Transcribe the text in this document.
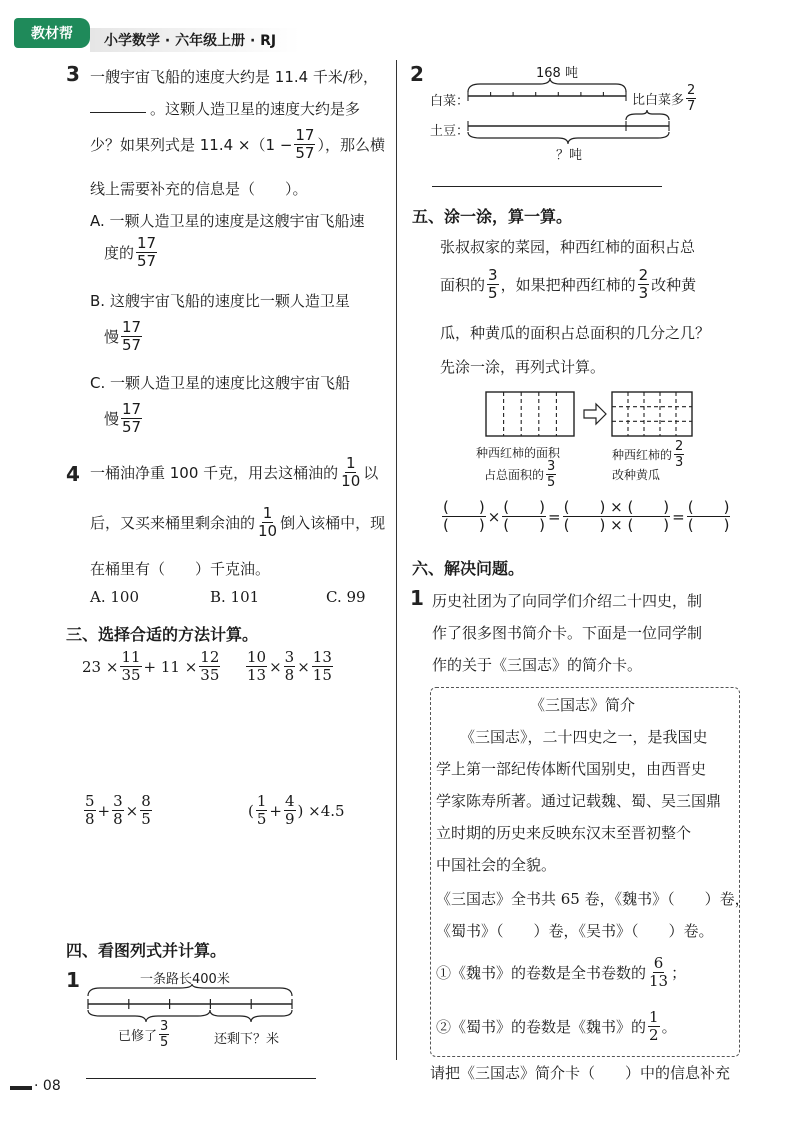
教材帮 小学数学 · 六年级上册 · RJ
3 一艘宇宙飞船的速度大约是 11.4 千米/秒，
。这颗人造卫星的速度大约是多
少？如果列式是 $11.4 \times(1 - \frac{17}{57}$ ），那么横
线上需要补充的信息是（　　）。
A. 一颗人造卫星的速度是这艘宇宙飞船速
度的 $\frac{17}{57}$
B. 这艘宇宙飞船的速度比一颗人造卫星
慢 $\frac{17}{57}$
C. 一颗人造卫星的速度比这艘宇宙飞船
慢 $\frac{17}{57}$
4 一桶油净重 100 千克，用去这桶油的 $\frac{1}{10}$ 以
后，又买来桶里剩余油的 $\frac{1}{10}$ 倒入该桶中，现
在桶里有（　　）千克油。
A. 100	B. 101	C. 99
三、选择合适的方法计算。
$23 \times \frac{11}{35} + 11 \times \frac{12}{35} \frac{10}{13} \times \frac{3}{8} \times \frac{13}{15}$
$\frac{5}{8} + \frac{3}{8} \times \frac{8}{5}$	( $\frac{1}{5} + \frac{4}{9}$ ) ×4.5
四、看图列式并计算。
1	一条路长400米
已修了 $\frac{3}{5}$	还剩下？米
· 08
2	168 吨
白菜：
土豆：
比白菜多 $\frac{2}{7}$
？吨
五、涂一涂，算一算。
张叔叔家的菜园，种西红柿的面积占总
面积的 $\frac{3}{5}$ ，如果把种西红柿的 $\frac{2}{3}$ 改种黄
瓜，种黄瓜的面积占总面积的几分之几？
先涂一涂，再列式计算。
种西红柿的面积
占总面积的 $\frac{3}{5}$
种西红柿的 $\frac{2}{3}$
改种黄瓜
$\frac{( )}{( )} \times \frac{( )}{( )} = \frac{( ) \times ( )}{( ) \times ( )} = \frac{( )}{( )}$
六、解决问题。
1 历史社团为了向同学们介绍二十四史，制
作了很多图书简介卡。下面是一位同学制
作的关于《三国志》的简介卡。
《三国志》简介
《三国志》，二十四史之一，是我国史
学上第一部纪传体断代国别史，由西晋史
学家陈寿所著。通过记载魏、蜀、吴三国鼎
立时期的历史来反映东汉末至晋初整个
中国社会的全貌。
《三国志》全书共 65 卷，《魏书》（　　）卷，
《蜀书》（　　）卷，《吴书》（　　）卷。
①《魏书》的卷数是全书卷数的 $\frac{6}{13}$ ；
②《蜀书》的卷数是《魏书》的 $\frac{1}{2}$ 。
请把《三国志》简介卡（　　）中的信息补充
